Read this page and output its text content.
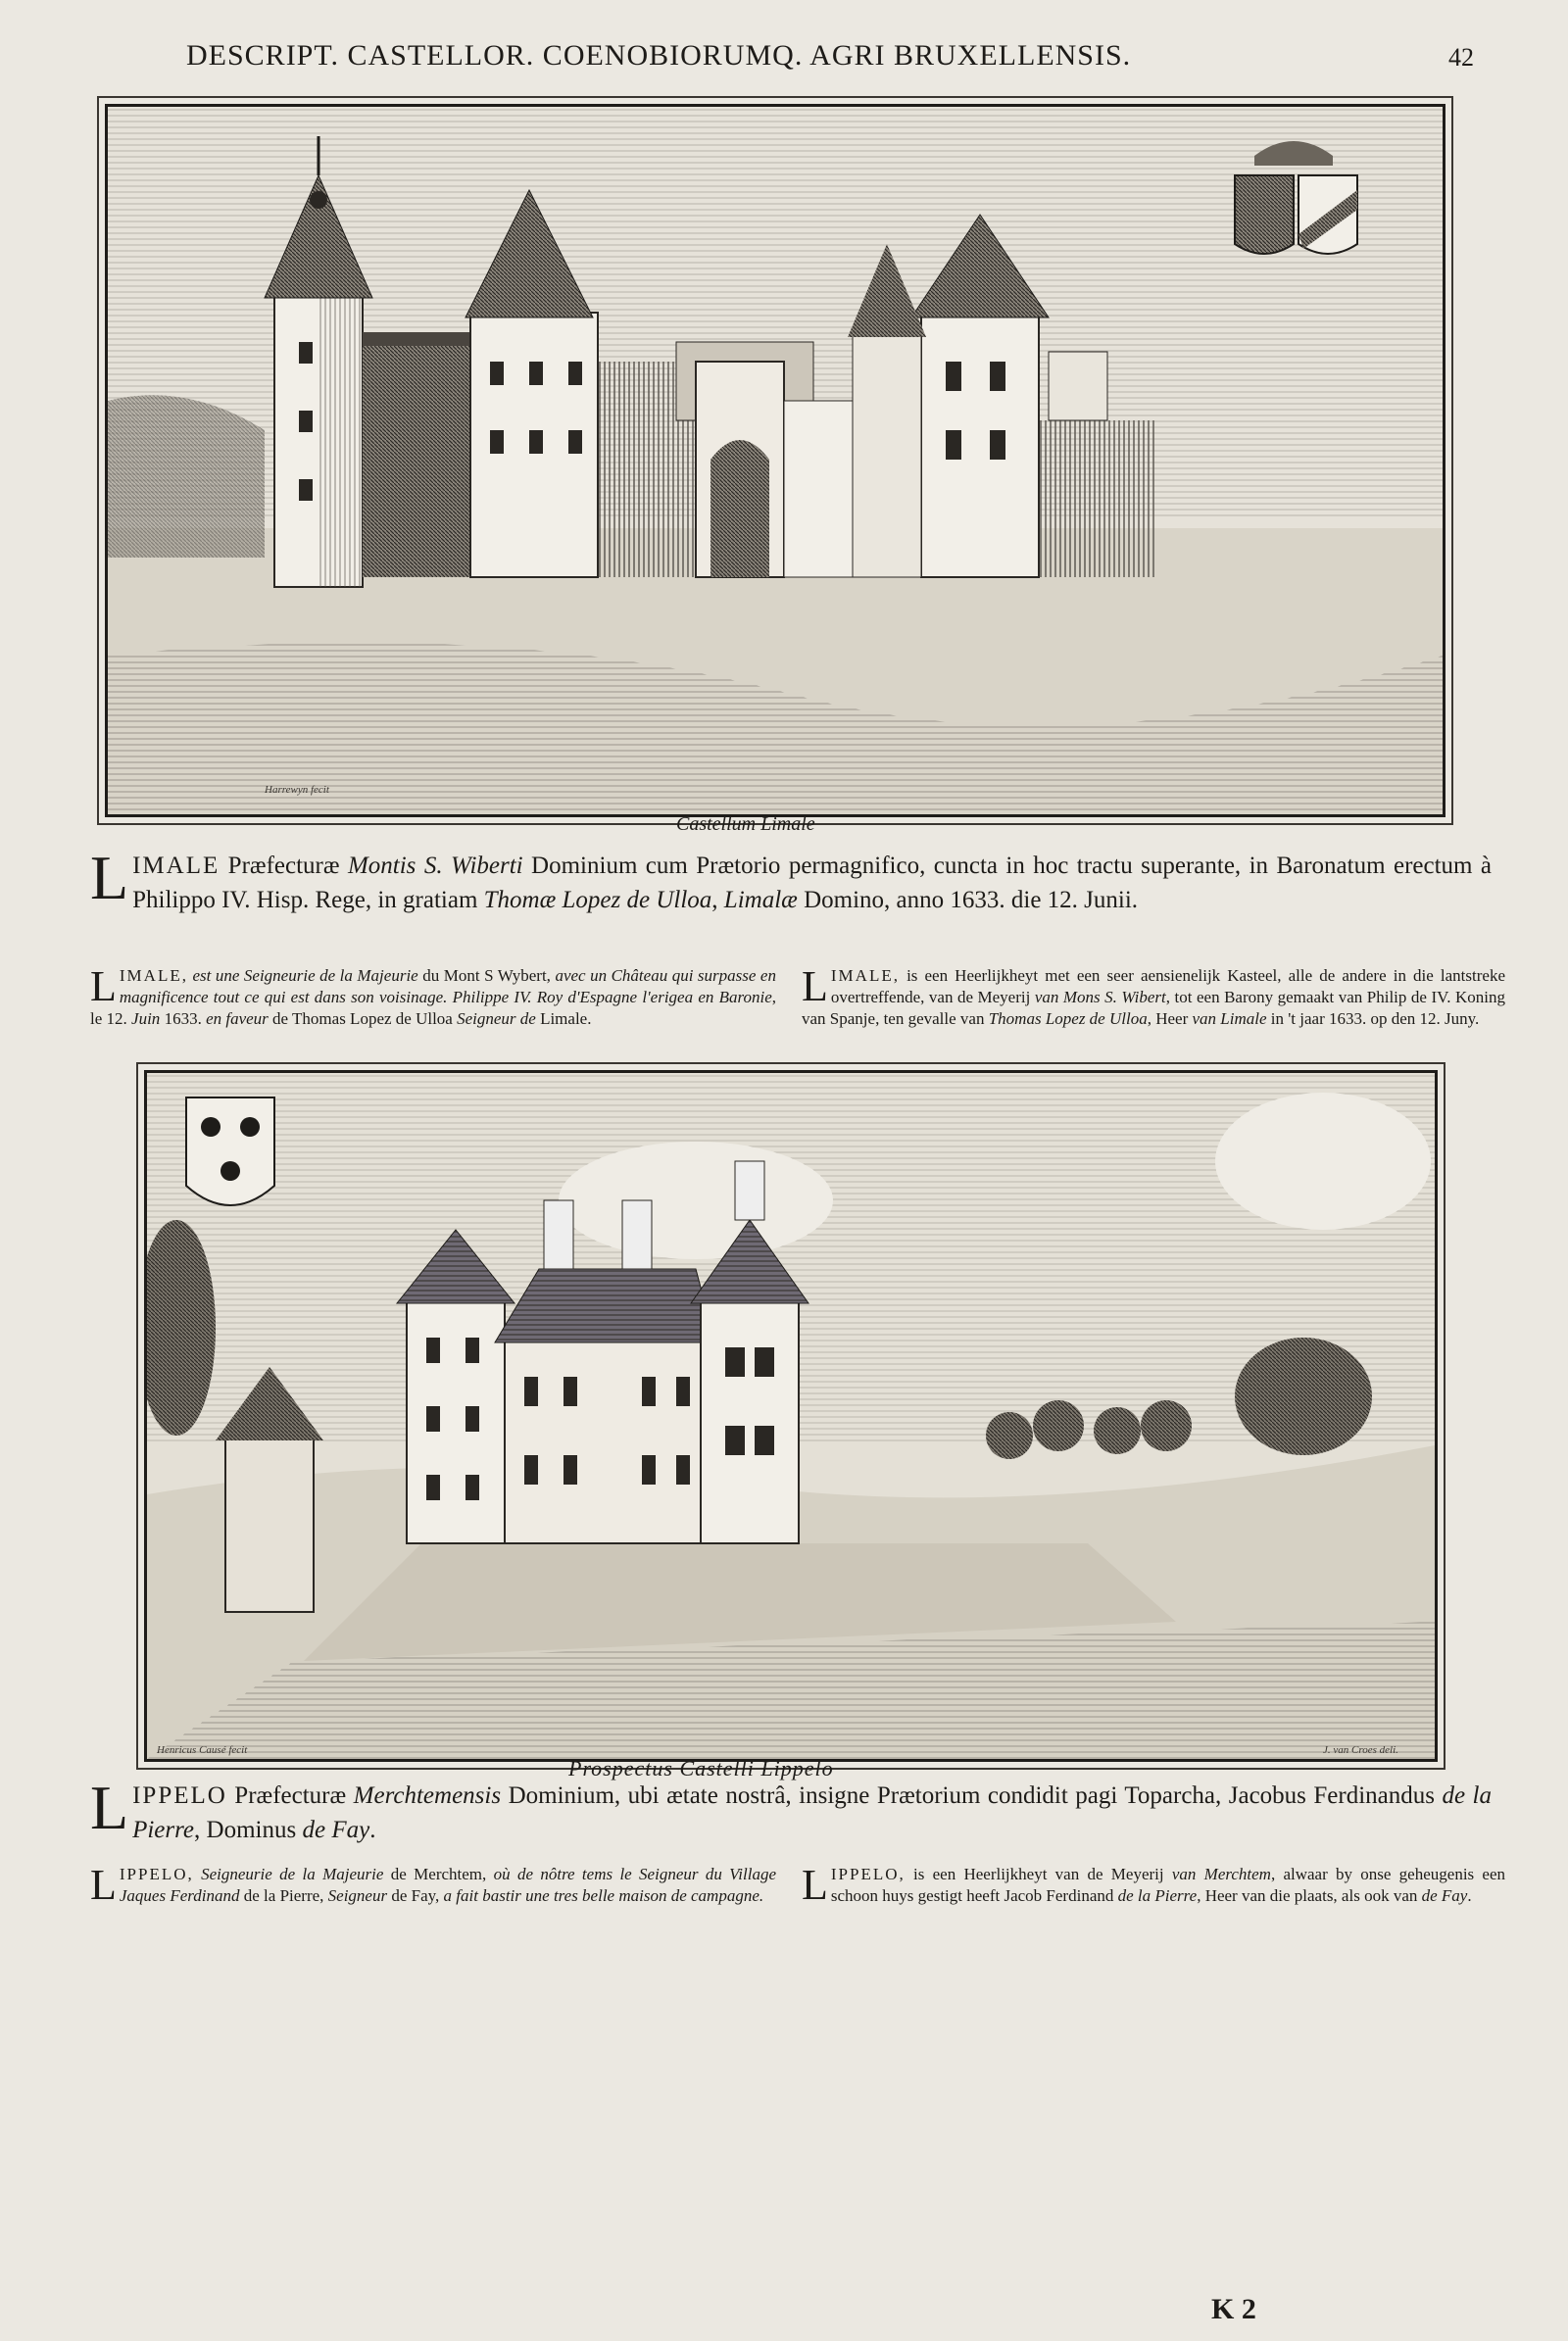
DESCRIPT. CASTELLOR. COENOBIORUMQ. AGRI BRUXELLENSIS.	42
Harrewyn fecit
Castellum Limale
LIMALE Præfecturæ Montis S. Wiberti Dominium cum Prætorio permagnifico, cuncta in hoc tractu superante, in Baronatum erectum à Philippo IV. Hisp. Rege, in gratiam Thomæ Lopez de Ulloa, Limalæ Domino, anno 1633. die 12. Junii.
LIMALE, est une Seigneurie de la Majeurie du Mont S Wybert, avec un Château qui surpasse en magnificence tout ce qui est dans son voisinage. Philippe IV. Roy d'Espagne l'erigea en Baronie, le 12. Juin 1633. en faveur de Thomas Lopez de Ulloa Seigneur de Limale.
LIMALE, is een Heerlijkheyt met een seer aensienelijk Kasteel, alle de andere in die lantstreke overtreffende, van de Meyerij van Mons S. Wibert, tot een Barony gemaakt van Philip de IV. Koning van Spanje, ten gevalle van Thomas Lopez de Ulloa, Heer van Limale in 't jaar 1633. op den 12. Juny.
Henricus Causé fecit	J. van Croes deli.
Prospectus Castelli Lippelo
LIPPELO Præfecturæ Merchtemensis Dominium, ubi ætate nostrâ, insigne Prætorium condidit pagi Toparcha, Jacobus Ferdinandus de la Pierre, Dominus de Fay.
LIPPELO, Seigneurie de la Majeurie de Merchtem, où de nôtre tems le Seigneur du Village Jaques Ferdinand de la Pierre, Seigneur de Fay, a fait bastir une tres belle maison de campagne. LIPPELO, is een Heerlijkheyt van de Meyerij van Merchtem, alwaar by onse geheugenis een schoon huys gestigt heeft Jacob Ferdinand de la Pierre, Heer van die plaats, als ook van de Fay.
K 2
